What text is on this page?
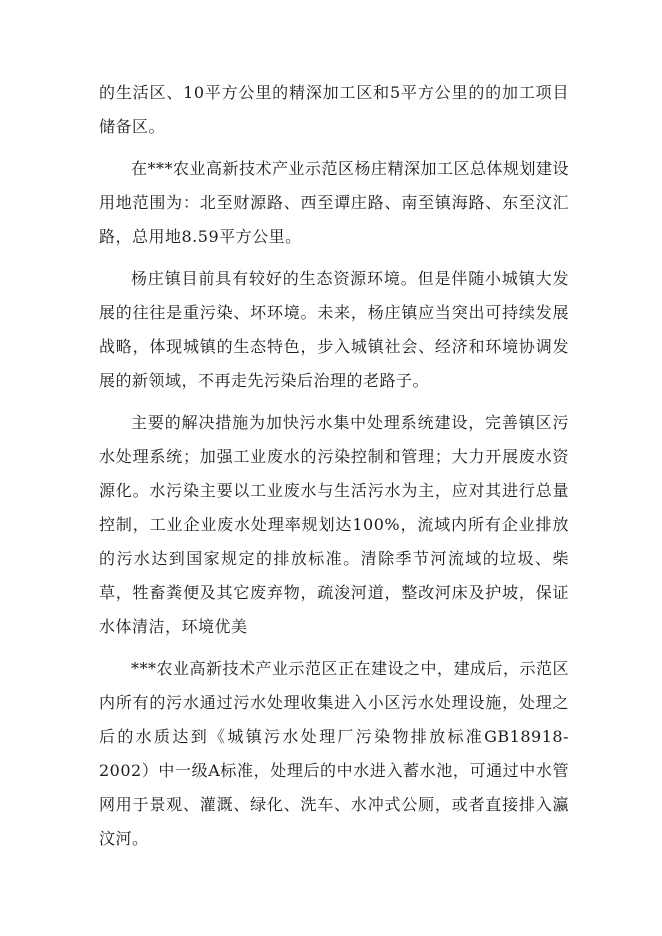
的生活区、10平方公里的精深加工区和5平方公里的的加工项目储备区。

在***农业高新技术产业示范区杨庄精深加工区总体规划建设用地范围为：北至财源路、西至谭庄路、南至镇海路、东至汶汇路，总用地8.59平方公里。

杨庄镇目前具有较好的生态资源环境。但是伴随小城镇大发展的往往是重污染、坏环境。未来，杨庄镇应当突出可持续发展战略，体现城镇的生态特色，步入城镇社会、经济和环境协调发展的新领域，不再走先污染后治理的老路子。

主要的解决措施为加快污水集中处理系统建设，完善镇区污水处理系统；加强工业废水的污染控制和管理；大力开展废水资源化。水污染主要以工业废水与生活污水为主，应对其进行总量控制，工业企业废水处理率规划达100%，流域内所有企业排放的污水达到国家规定的排放标准。清除季节河流域的垃圾、柴草，牲畜粪便及其它废弃物，疏浚河道，整改河床及护坡，保证水体清洁，环境优美

***农业高新技术产业示范区正在建设之中，建成后，示范区内所有的污水通过污水处理收集进入小区污水处理设施，处理之后的水质达到《城镇污水处理厂污染物排放标准GB18918-2002）中一级A标准，处理后的中水进入蓄水池，可通过中水管网用于景观、灌溉、绿化、洗车、水冲式公厕，或者直接排入瀛汶河。
